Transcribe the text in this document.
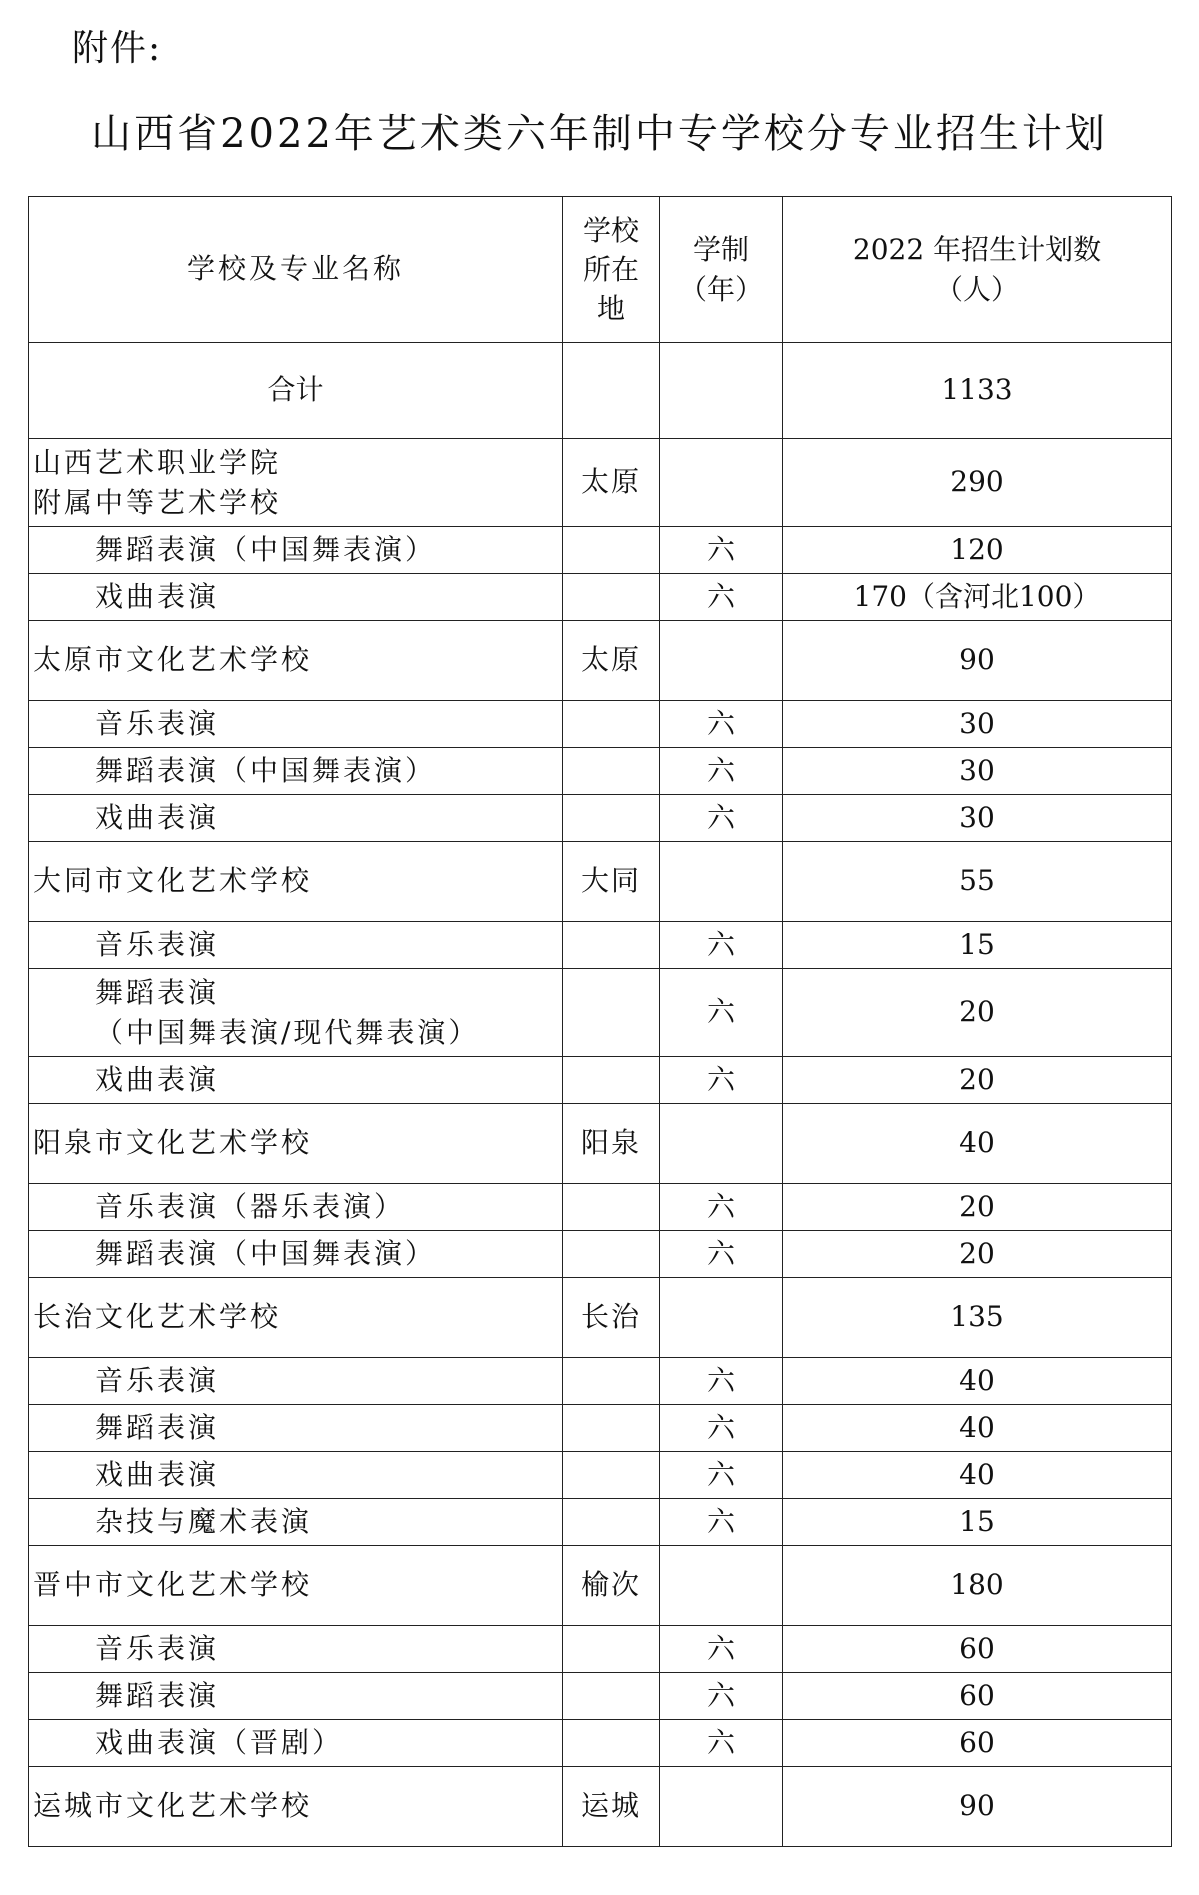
附件:
山西省2022年艺术类六年制中专学校分专业招生计划
学校及专业名称	学校
所在
地	学制
（年）	2022 年招生计划数
（人）

合计			1133

山西艺术职业学院
附属中等艺术学校	太原		290
舞蹈表演（中国舞表演）		六	120
戏曲表演		六	170（含河北100）
太原市文化艺术学校	太原		90
音乐表演		六	30
舞蹈表演（中国舞表演）		六	30
戏曲表演		六	30
大同市文化艺术学校	大同		55
音乐表演		六	15

舞蹈表演
（中国舞表演/现代舞表演）		六	20
戏曲表演		六	20
阳泉市文化艺术学校	阳泉		40
音乐表演（器乐表演）		六	20
舞蹈表演（中国舞表演）		六	20
长治文化艺术学校	长治		135
音乐表演		六	40
舞蹈表演		六	40
戏曲表演		六	40
杂技与魔术表演		六	15
晋中市文化艺术学校	榆次		180
音乐表演		六	60
舞蹈表演		六	60
戏曲表演（晋剧）		六	60
运城市文化艺术学校	运城		90
